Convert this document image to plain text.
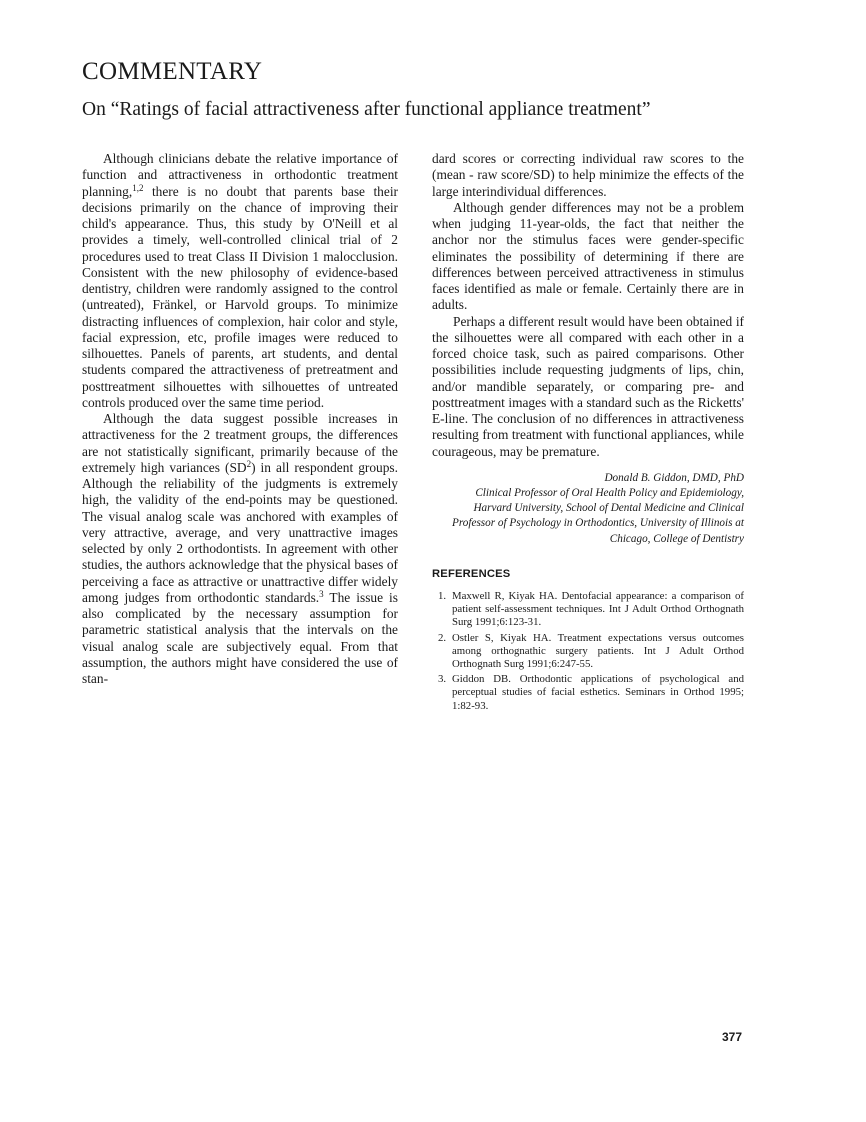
COMMENTARY
On “Ratings of facial attractiveness after functional appliance treatment”

Although clinicians debate the relative importance of function and attractiveness in orthodontic treatment planning,$^{1,2}$ there is no doubt that parents base their decisions primarily on the chance of improving their child's appearance. Thus, this study by O'Neill et al provides a timely, well-controlled clinical trial of 2 procedures used to treat Class II Division 1 malocclusion. Consistent with the new philosophy of evidence-based dentistry, children were randomly assigned to the control (untreated), Fränkel, or Harvold groups. To minimize distracting influences of complexion, hair color and style, facial expression, etc, profile images were reduced to silhouettes. Panels of parents, art students, and dental students compared the attractiveness of pretreatment and posttreatment silhouettes with silhouettes of untreated controls produced over the same time period.

Although the data suggest possible increases in attractiveness for the 2 treatment groups, the differences are not statistically significant, primarily because of the extremely high variances $(SD^2)$ in all respondent groups. Although the reliability of the judgments is extremely high, the validity of the end-points may be questioned. The visual analog scale was anchored with examples of very attractive, average, and very unattractive images selected by only 2 orthodontists. In agreement with other studies, the authors acknowledge that the physical bases of perceiving a face as attractive or unattractive differ widely among judges from orthodontic standards.$^3$ The issue is also complicated by the necessary assumption for parametric statistical analysis that the intervals on the visual analog scale are subjectively equal. From that assumption, the authors might have considered the use of stan-

dard scores or correcting individual raw scores to the (mean - raw score/SD) to help minimize the effects of the large interindividual differences.

Although gender differences may not be a problem when judging 11-year-olds, the fact that neither the anchor nor the stimulus faces were gender-specific eliminates the possibility of determining if there are differences between perceived attractiveness in stimulus faces identified as male or female. Certainly there are in adults.

Perhaps a different result would have been obtained if the silhouettes were all compared with each other in a forced choice task, such as paired comparisons. Other possibilities include requesting judgments of lips, chin, and/or mandible separately, or comparing pre- and posttreatment images with a standard such as the Ricketts' E-line. The conclusion of no differences in attractiveness resulting from treatment with functional appliances, while courageous, may be premature.

Donald B. Giddon, DMD, PhD
Clinical Professor of Oral Health Policy and Epidemiology,
Harvard University, School of Dental Medicine and Clinical
Professor of Psychology in Orthodontics, University of Illinois at
Chicago, College of Dentistry
REFERENCES
1. Maxwell R, Kiyak HA. Dentofacial appearance: a comparison of patient self-assessment techniques. Int J Adult Orthod Orthognath Surg 1991;6:123-31.
2. Ostler S, Kiyak HA. Treatment expectations versus outcomes among orthognathic surgery patients. Int J Adult Orthod Orthognath Surg 1991;6:247-55.
3. Giddon DB. Orthodontic applications of psychological and perceptual studies of facial esthetics. Seminars in Orthod 1995; 1:82-93.
377
